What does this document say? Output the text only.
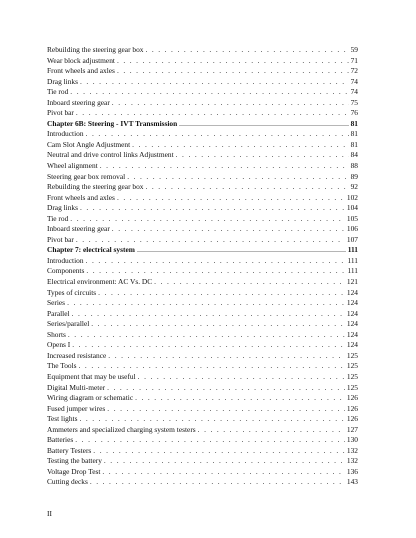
Rebuilding the steering gear box . . .	59
Wear block adjustment . . .	71
Front wheels and axles . . .	72
Drag links . . .	74
Tie rod . . .	74
Inboard steering gear . . .	75
Pivot bar . . .	76
Chapter 6B: Steering - IVT Transmission .....	81
Introduction . . .	81
Cam Slot Angle Adjustment . . .	81
Neutral and drive control links Adjustment . . .	84
Wheel alignment . . .	88
Steering gear box removal . . .	89
Rebuilding the steering gear box . . .	92
Front wheels and axles . . .	102
Drag links . . .	104
Tie rod . . .	105
Inboard steering gear . . .	106
Pivot bar . . .	107
Chapter 7: electrical system .....	111
Introduction . . .	111
Components . . .	111
Electrical environment: AC Vs. DC . . .	121
Types of circuits . . .	124
Series . . .	124
Parallel . . .	124
Series/parallel . . .	124
Shorts . . .	124
Opens I . . .	124
Increased resistance . . .	125
The Tools . . .	125
Equipment that may be useful . . .	125
Digital Multi-meter . . .	125
Wiring diagram or schematic . . .	126
Fused jumper wires . . .	126
Test lights . . .	126
Ammeters and specialized charging system testers . . .	127
Batteries . . .	130
Battery Testers . . .	132
Testing the battery . . .	132
Voltage Drop Test . . .	136
Cutting decks . . .	143
II
